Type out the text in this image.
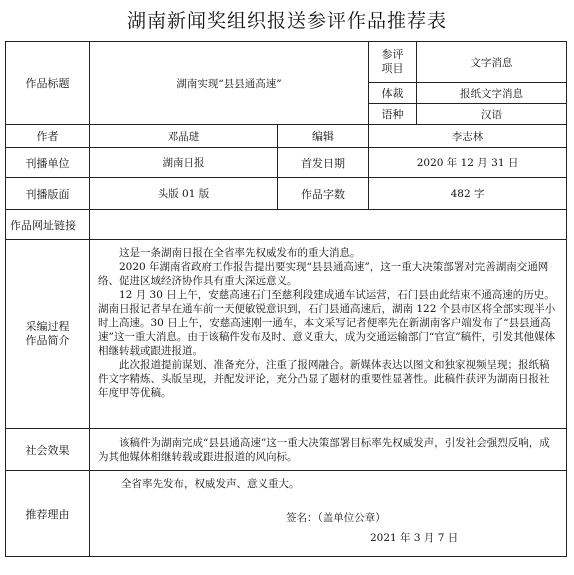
湖南新闻奖组织报送参评作品推荐表
作品标题	湖南实现“县县通高速”		参评项目	文字消息
			体裁	报纸文字消息
			语种	汉语
作者	邓晶琎	编辑	李志林	
刊播单位	湖南日报	首发日期	2020 年 12 月 31 日	
刊播版面	头版 01 版	作品字数	482 字	
作品网址链接				
采编过程作品简介	这是一条湖南日报在全省率先权威发布的重大消息。

2020 年湖南省政府工作报告提出要实现“县县通高速”，这一重大决策部署对完善湖南交通网络、促进区域经济协作具有重大深远意义。

12 月 30 日上午，安慈高速石门至慈利段建成通车试运营，石门县由此结束不通高速的历史。湖南日报记者早在通车前一天便敏锐意识到，石门县通高速后，湖南 122 个县市区将全部实现半小时上高速。30 日上午，安慈高速刚一通车，本文采写记者便率先在新湖南客户端发布了“县县通高速”这一重大消息。由于该稿件发布及时、意义重大，成为交通运输部门“官宣”稿件，引发其他媒体相继转载或跟进报道。

此次报道提前谋划、准备充分，注重了报网融合。新媒体表达以图文和独家视频呈现；报纸稿件文字精炼、头版呈现，并配发评论，充分凸显了题材的重要性显著性。此稿件获评为湖南日报社年度甲等优稿。			

社会效果	该稿件为湖南完成“县县通高速”这一重大决策部署目标率先权威发声，引发社会强烈反响，成为其他媒体相继转载或跟进报道的风向标。			

推荐理由	全省率先发布，权威发声、意义重大。

签名：（盖单位公章）
2021 年 3 月 7 日			
